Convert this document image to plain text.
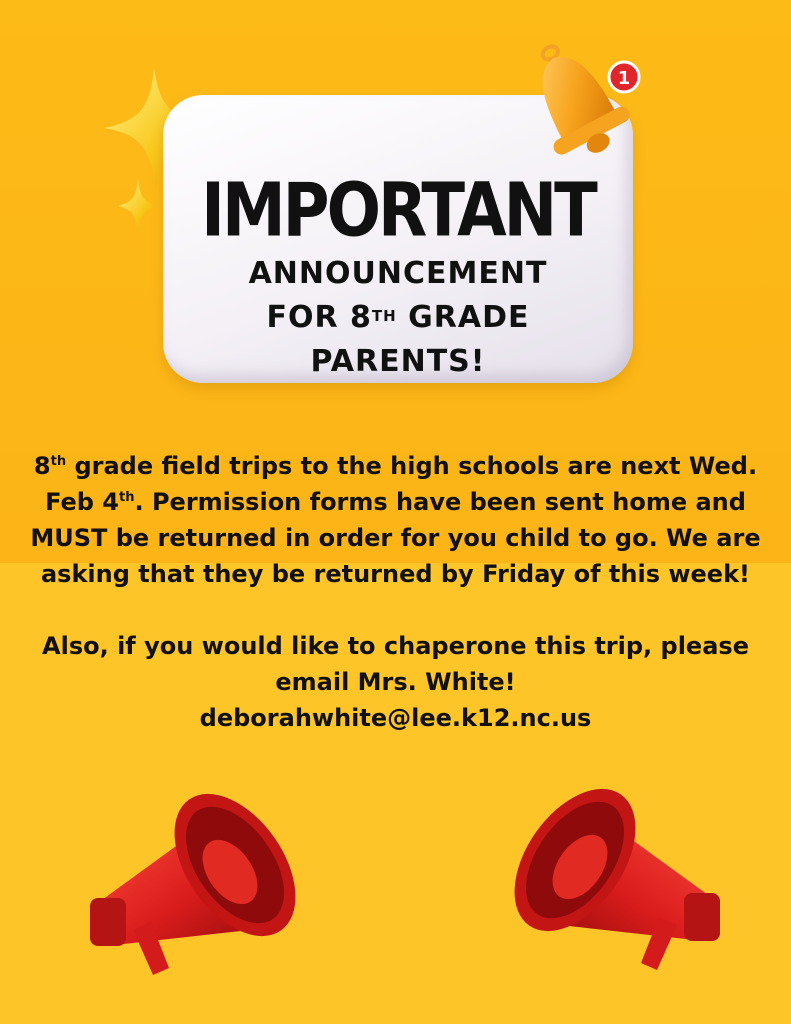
1
IMPORTANT
ANNOUNCEMENT
FOR 8TH GRADE
PARENTS!

8th grade field trips to the high schools are next Wed. Feb 4th. Permission forms have been sent home and MUST be returned in order for you child to go. We are asking that they be returned by Friday of this week!

Also, if you would like to chaperone this trip, please email Mrs. White!
deborahwhite@lee.k12.nc.us
